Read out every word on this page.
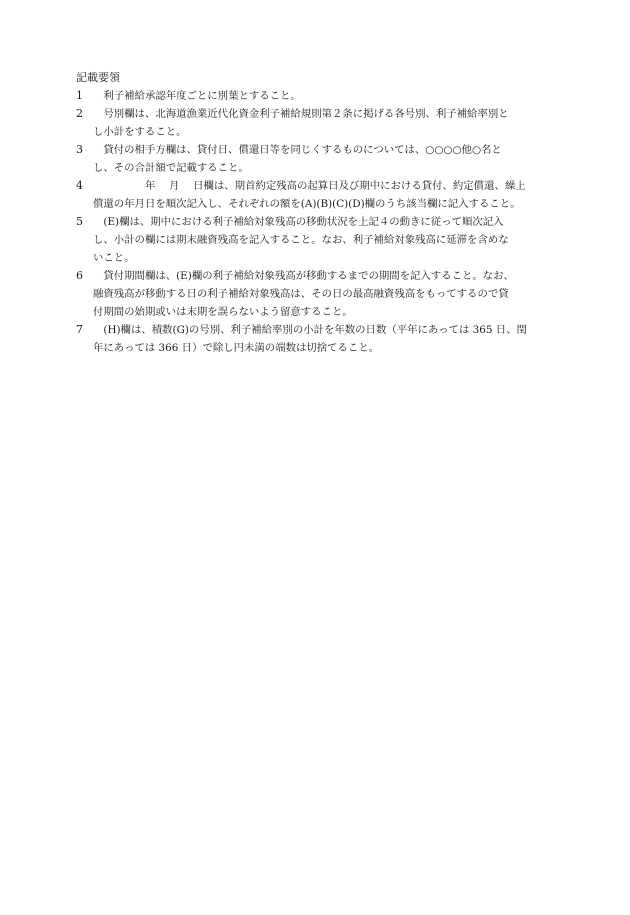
記載要領
1 　利子補給承認年度ごとに別葉とすること。
2 　号別欄は、北海道漁業近代化資金利子補給規則第２条に掲げる各号別、利子補給率別と
し小計をすること。
3 　貸付の相手方欄は、貸付日、償還日等を同じくするものについては、○○○○他○名と
し、その合計額で記載すること。
4 　　　　　年　 月　 日欄は、期首約定残高の起算日及び期中における貸付、約定償還、繰上
償還の年月日を順次記入し、それぞれの額を(A)(B)(C)(D)欄のうち該当欄に記入すること。
5 　(E)欄は、期中における利子補給対象残高の移動状況を上記４の動きに従って順次記入
し、小計の欄には期末融資残高を記入すること。なお、利子補給対象残高に延滞を含めな
いこと。
6 　貸付期間欄は、(E)欄の利子補給対象残高が移動するまでの期間を記入すること。なお、
融資残高が移動する日の利子補給対象残高は、その日の最高融資残高をもってするので貸
付期間の始期或いは末期を誤らないよう留意すること。
7 　(H)欄は、積数(G)の号別、利子補給率別の小計を年数の日数（平年にあっては 365 日、閏
年にあっては 366 日）で除し円未満の端数は切捨てること。
